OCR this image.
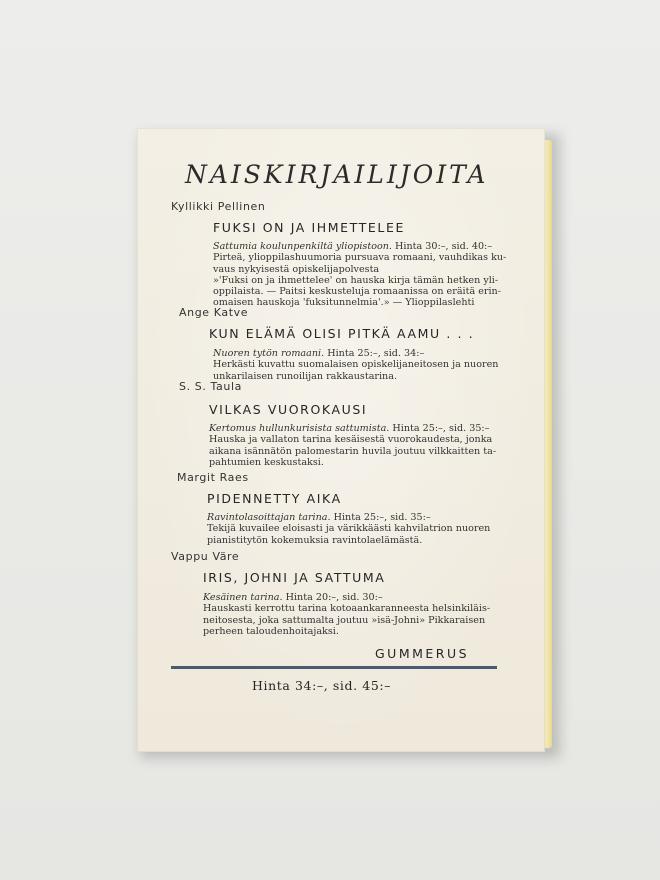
NAISKIRJAILIJOITA
Kyllikki Pellinen
FUKSI ON JA IHMETTELEE
Sattumia koulunpenkiltä yliopistoon. Hinta 30:–, sid. 40:–
Pirteä, ylioppilashuumoria pursuava romaani, vauhdikas ku-
vaus nykyisestä opiskelijapolvesta
»'Fuksi on ja ihmettelee' on hauska kirja tämän hetken yli-
oppilaista. — Paitsi keskusteluja romaanissa on eräitä erin-
omaisen hauskoja 'fuksitunnelmia'.» — Ylioppilaslehti
Ange Katve
KUN ELÄMÄ OLISI PITKÄ AAMU . . .
Nuoren tytön romaani. Hinta 25:–, sid. 34:–
Herkästi kuvattu suomalaisen opiskelijaneitosen ja nuoren
unkarilaisen runoilijan rakkaustarina.
S. S. Taula
VILKAS VUOROKAUSI
Kertomus hullunkurisista sattumista. Hinta 25:–, sid. 35:–
Hauska ja vallaton tarina kesäisestä vuorokaudesta, jonka
aikana isännätön palomestarin huvila joutuu vilkkaitten ta-
pahtumien keskustaksi.
Margit Raes
PIDENNETTY AIKA
Ravintolasoittajan tarina. Hinta 25:–, sid. 35:–
Tekijä kuvailee eloisasti ja värikkäästi kahvilatrion nuoren
pianistitytön kokemuksia ravintolaelämästä.
Vappu Väre
IRIS, JOHNI JA SATTUMA
Kesäinen tarina. Hinta 20:–, sid. 30:–
Hauskasti kerrottu tarina kotoaankaranneesta helsinkiläis-
neitosesta, joka sattumalta joutuu »isä-Johni» Pikkaraisen
perheen taloudenhoitajaksi.
GUMMERUS
Hinta 34:–, sid. 45:–
